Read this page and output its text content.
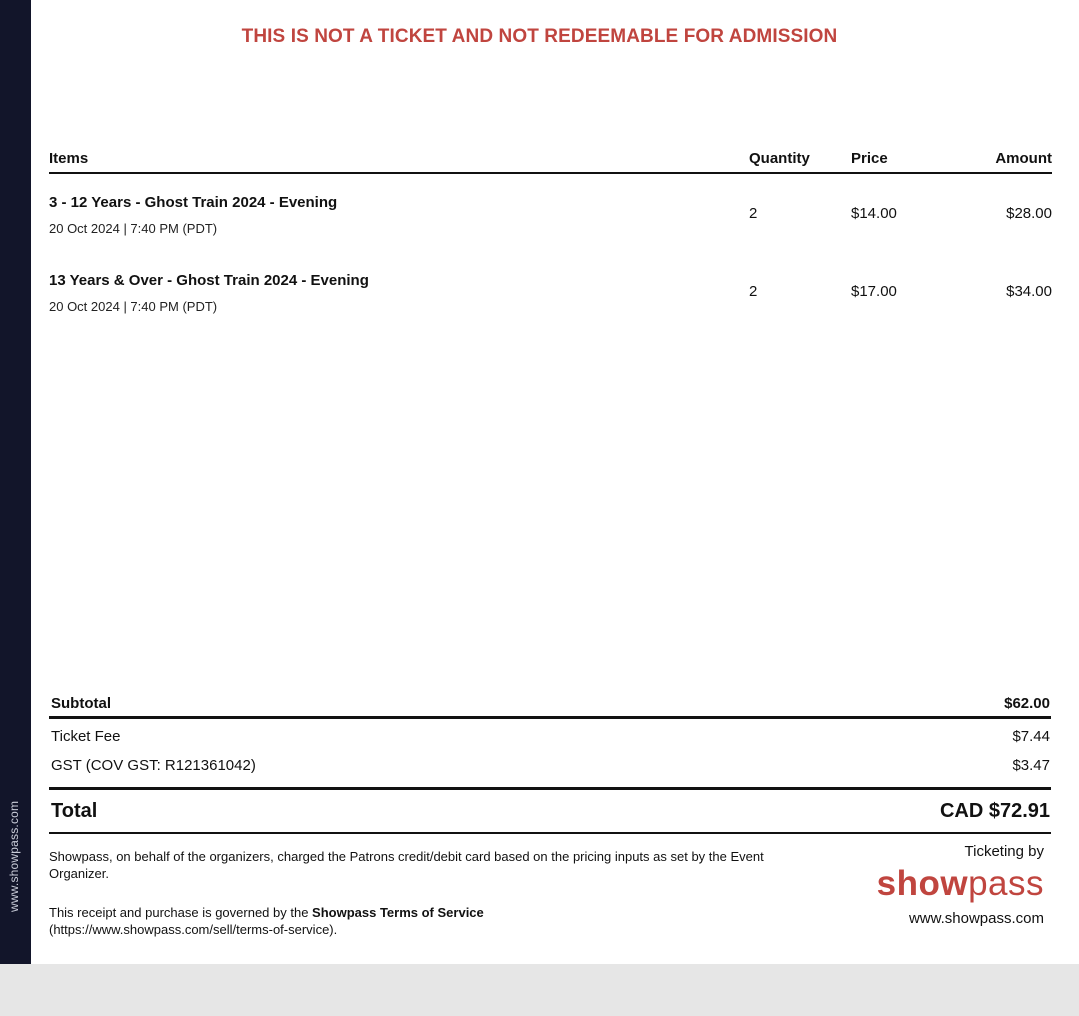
www.showpass.com
THIS IS NOT A TICKET AND NOT REDEEMABLE FOR ADMISSION
Items	Quantity	Price	Amount
3 - 12 Years - Ghost Train 2024 - Evening
20 Oct 2024 | 7:40 PM (PDT)
2	$14.00	$28.00
13 Years & Over - Ghost Train 2024 - Evening
20 Oct 2024 | 7:40 PM (PDT)
2	$17.00	$34.00
Subtotal	$62.00
Ticket Fee	$7.44
GST (COV GST: R121361042)	$3.47
Total	CAD $72.91

Showpass, on behalf of the organizers, charged the Patrons credit/debit card based on the pricing inputs as set by the Event Organizer.

This receipt and purchase is governed by the Showpass Terms of Service
(https://www.showpass.com/sell/terms-of-service).

Ticketing by
showpass
www.showpass.com
